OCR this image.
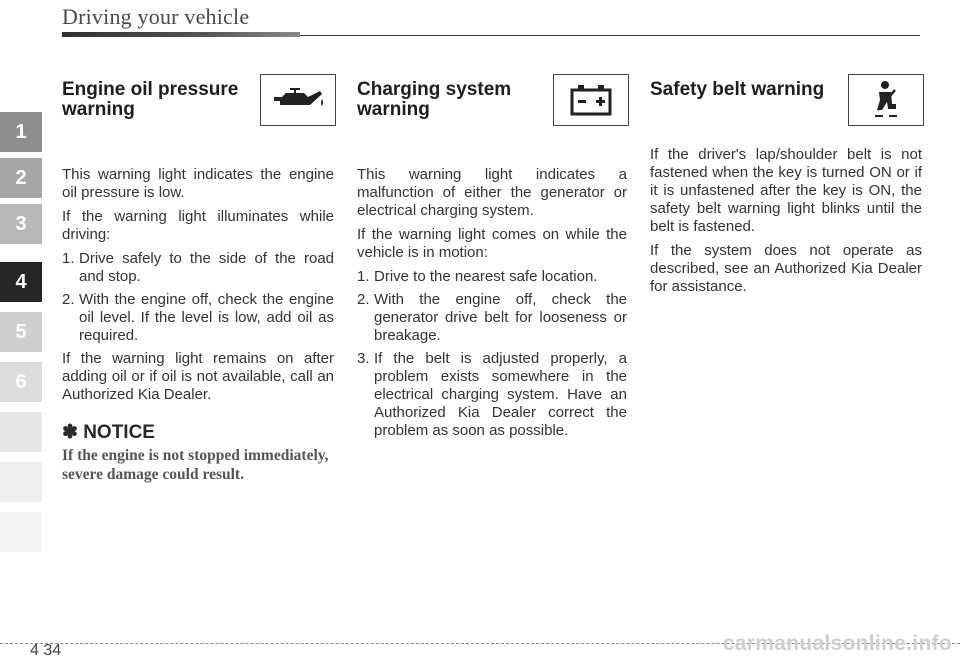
Driving your vehicle
1
2
3
4
5
6
Engine oil pressure
warning

This warning light indicates the engine oil pressure is low.

If the warning light illuminates while driving:

1. Drive safely to the side of the road and stop.
2. With the engine off, check the engine oil level. If the level is low, add oil as required.

If the warning light remains on after adding oil or if oil is not available, call an Authorized Kia Dealer.

✽ NOTICE
If the engine is not stopped immediately, severe damage could result.
Charging system
warning

This warning light indicates a malfunction of either the generator or electrical charging system.

If the warning light comes on while the vehicle is in motion:

1. Drive to the nearest safe location.
2. With the engine off, check the generator drive belt for looseness or breakage.
3. If the belt is adjusted properly, a problem exists somewhere in the electrical charging system. Have an Authorized Kia Dealer correct the problem as soon as possible.
Safety belt warning

If the driver's lap/shoulder belt is not fastened when the key is turned ON or if it is unfastened after the key is ON, the safety belt warning light blinks until the belt is fastened.

If the system does not operate as described, see an Authorized Kia Dealer for assistance.

4 34	carmanualsonline.info
